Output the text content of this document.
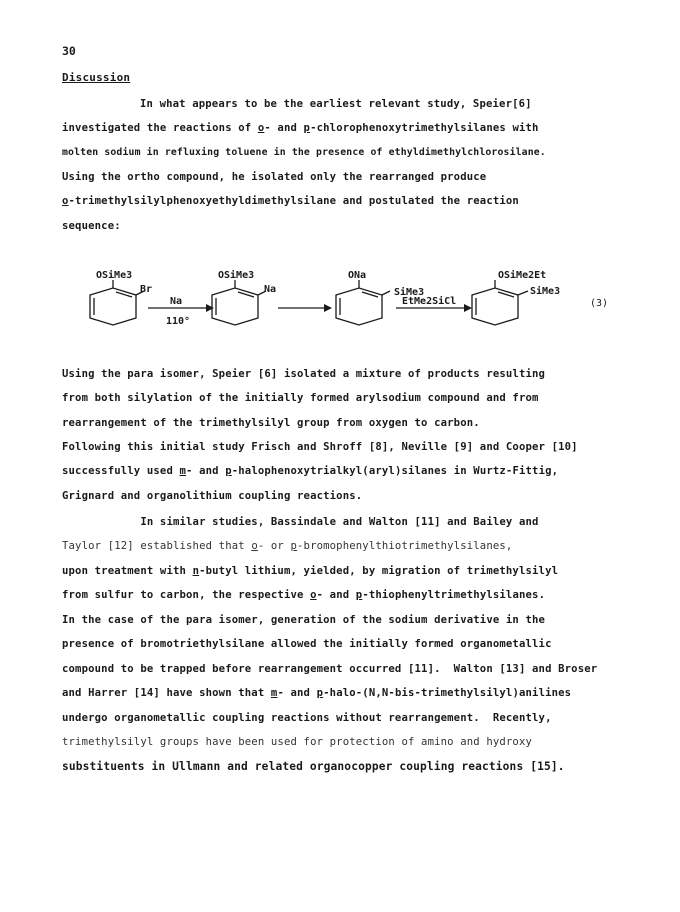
30
Discussion
In what appears to be the earliest relevant study, Speier[6]
investigated the reactions of o- and p-chlorophenoxytrimethylsilanes with
molten sodium in refluxing toluene in the presence of ethyldimethylchlorosilane.
Using the ortho compound, he isolated only the rearranged produce
o-trimethylsilylphenoxyethyldimethylsilane and postulated the reaction
sequence:
OSiMe3
Br
Na
110°
OSiMe3
Na
ONa
SiMe3
EtMe2SiCl
OSiMe2Et
SiMe3
(3)
Using the para isomer, Speier [6] isolated a mixture of products resulting
from both silylation of the initially formed arylsodium compound and from
rearrangement of the trimethylsilyl group from oxygen to carbon.
Following this initial study Frisch and Shroff [8], Neville [9] and Cooper [10]
successfully used m- and p-halophenoxytrialkyl(aryl)silanes in Wurtz-Fittig,
Grignard and organolithium coupling reactions.
In similar studies, Bassindale and Walton [11] and Bailey and
Taylor [12] established that o- or p-bromophenylthiotrimethylsilanes,
upon treatment with n-butyl lithium, yielded, by migration of trimethylsilyl
from sulfur to carbon, the respective o- and p-thiophenyltrimethylsilanes.
In the case of the para isomer, generation of the sodium derivative in the
presence of bromotriethylsilane allowed the initially formed organometallic
compound to be trapped before rearrangement occurred [11].  Walton [13] and Broser
and Harrer [14] have shown that m- and p-halo-(N,N-bis-trimethylsilyl)anilines
undergo organometallic coupling reactions without rearrangement.  Recently,
trimethylsilyl groups have been used for protection of amino and hydroxy
substituents in Ullmann and related organocopper coupling reactions [15].
